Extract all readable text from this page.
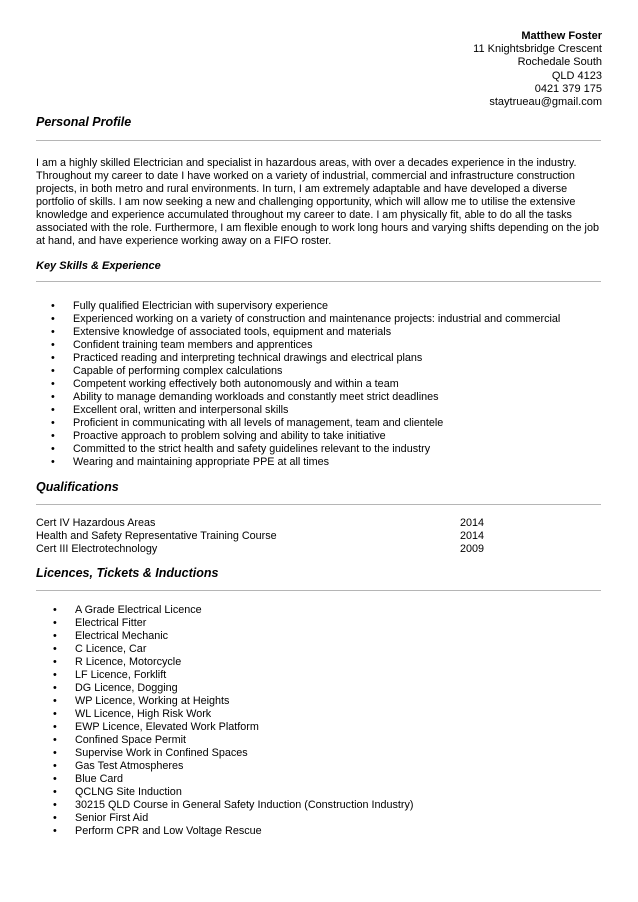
Matthew Foster
11 Knightsbridge Crescent
Rochedale South
QLD 4123
0421 379 175
staytrueau@gmail.com
Personal Profile

I am a highly skilled Electrician and specialist in hazardous areas, with over a decades experience in the industry. Throughout my career to date I have worked on a variety of industrial, commercial and infrastructure construction projects, in both metro and rural environments. In turn, I am extremely adaptable and have developed a diverse portfolio of skills. I am now seeking a new and challenging opportunity, which will allow me to utilise the extensive knowledge and experience accumulated throughout my career to date. I am physically fit, able to do all the tasks associated with the role. Furthermore, I am flexible enough to work long hours and varying shifts depending on the job at hand, and have experience working away on a FIFO roster.

Key Skills & Experience
• Fully qualified Electrician with supervisory experience
• Experienced working on a variety of construction and maintenance projects: industrial and commercial
• Extensive knowledge of associated tools, equipment and materials
• Confident training team members and apprentices
• Practiced reading and interpreting technical drawings and electrical plans
• Capable of performing complex calculations
• Competent working effectively both autonomously and within a team
• Ability to manage demanding workloads and constantly meet strict deadlines
• Excellent oral, written and interpersonal skills
• Proficient in communicating with all levels of management, team and clientele
• Proactive approach to problem solving and ability to take initiative
• Committed to the strict health and safety guidelines relevant to the industry
• Wearing and maintaining appropriate PPE at all times
Qualifications
Cert IV Hazardous Areas	2014
Health and Safety Representative Training Course	2014
Cert III Electrotechnology	2009
Licences, Tickets & Inductions
• A Grade Electrical Licence
• Electrical Fitter
• Electrical Mechanic
• C Licence, Car
• R Licence, Motorcycle
• LF Licence, Forklift
• DG Licence, Dogging
• WP Licence, Working at Heights
• WL Licence, High Risk Work
• EWP Licence, Elevated Work Platform
• Confined Space Permit
• Supervise Work in Confined Spaces
• Gas Test Atmospheres
• Blue Card
• QCLNG Site Induction
• 30215 QLD Course in General Safety Induction (Construction Industry)
• Senior First Aid
• Perform CPR and Low Voltage Rescue
